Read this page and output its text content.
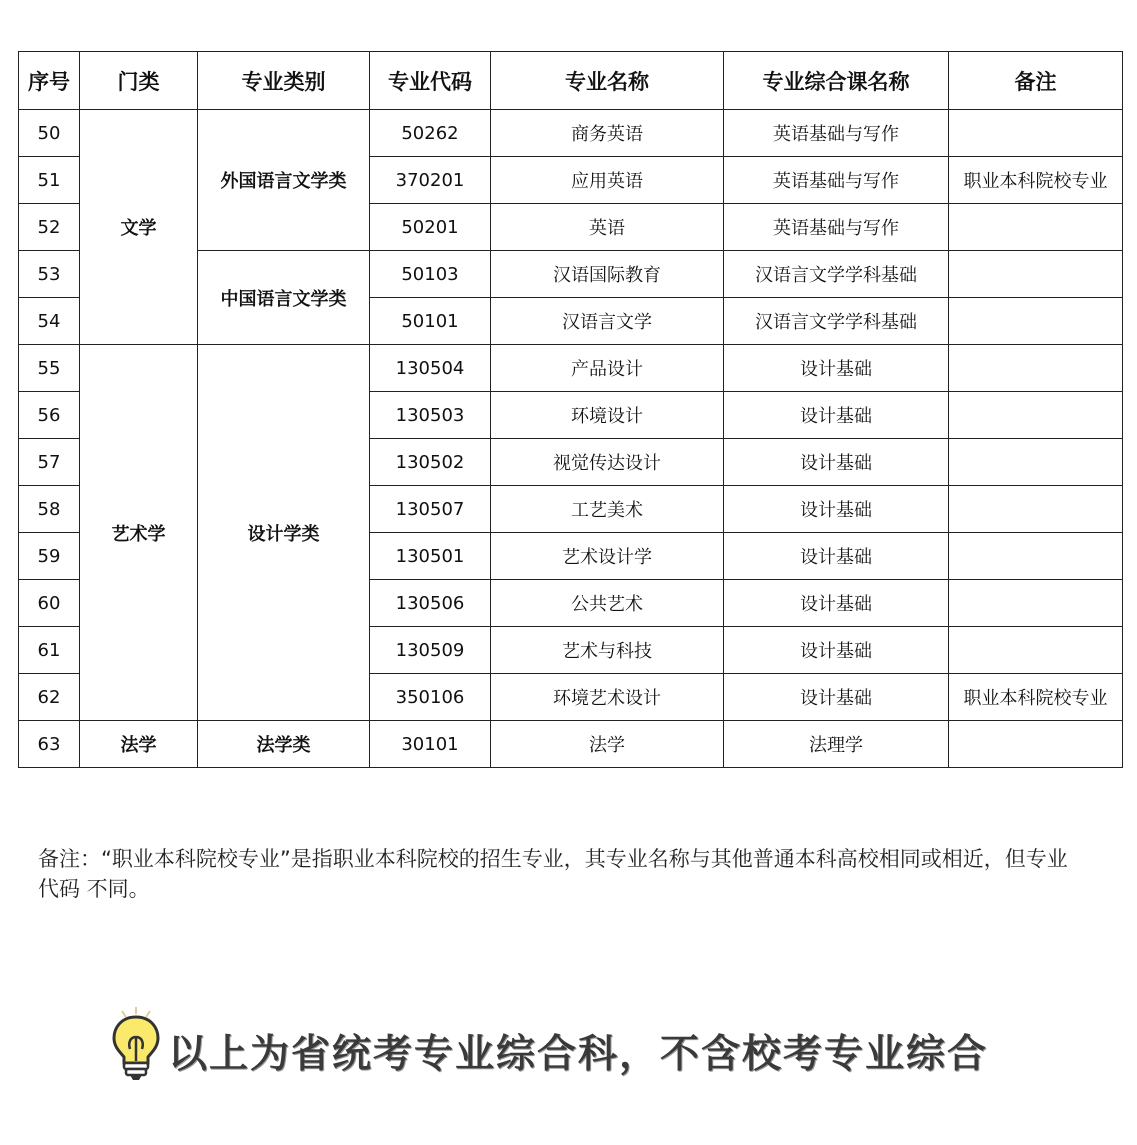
序号	门类	专业类别	专业代码	专业名称	专业综合课名称	备注
50	文学	外国语言文学类	50262	商务英语	英语基础与写作	
51			370201	应用英语	英语基础与写作	职业本科院校专业
52			50201	英语	英语基础与写作	
53		中国语言文学类	50103	汉语国际教育	汉语言文学学科基础	
54			50101	汉语言文学	汉语言文学学科基础	
55	艺术学	设计学类	130504	产品设计	设计基础	
56			130503	环境设计	设计基础	
57			130502	视觉传达设计	设计基础	
58			130507	工艺美术	设计基础	
59			130501	艺术设计学	设计基础	
60			130506	公共艺术	设计基础	
61			130509	艺术与科技	设计基础	
62			350106	环境艺术设计	设计基础	职业本科院校专业
63	法学	法学类	30101	法学	法理学	
备注：“职业本科院校专业”是指职业本科院校的招生专业，其专业名称与其他普通本科高校相同或相近，但专业代码 不同。
以上为省统考专业综合科，不含校考专业综合
